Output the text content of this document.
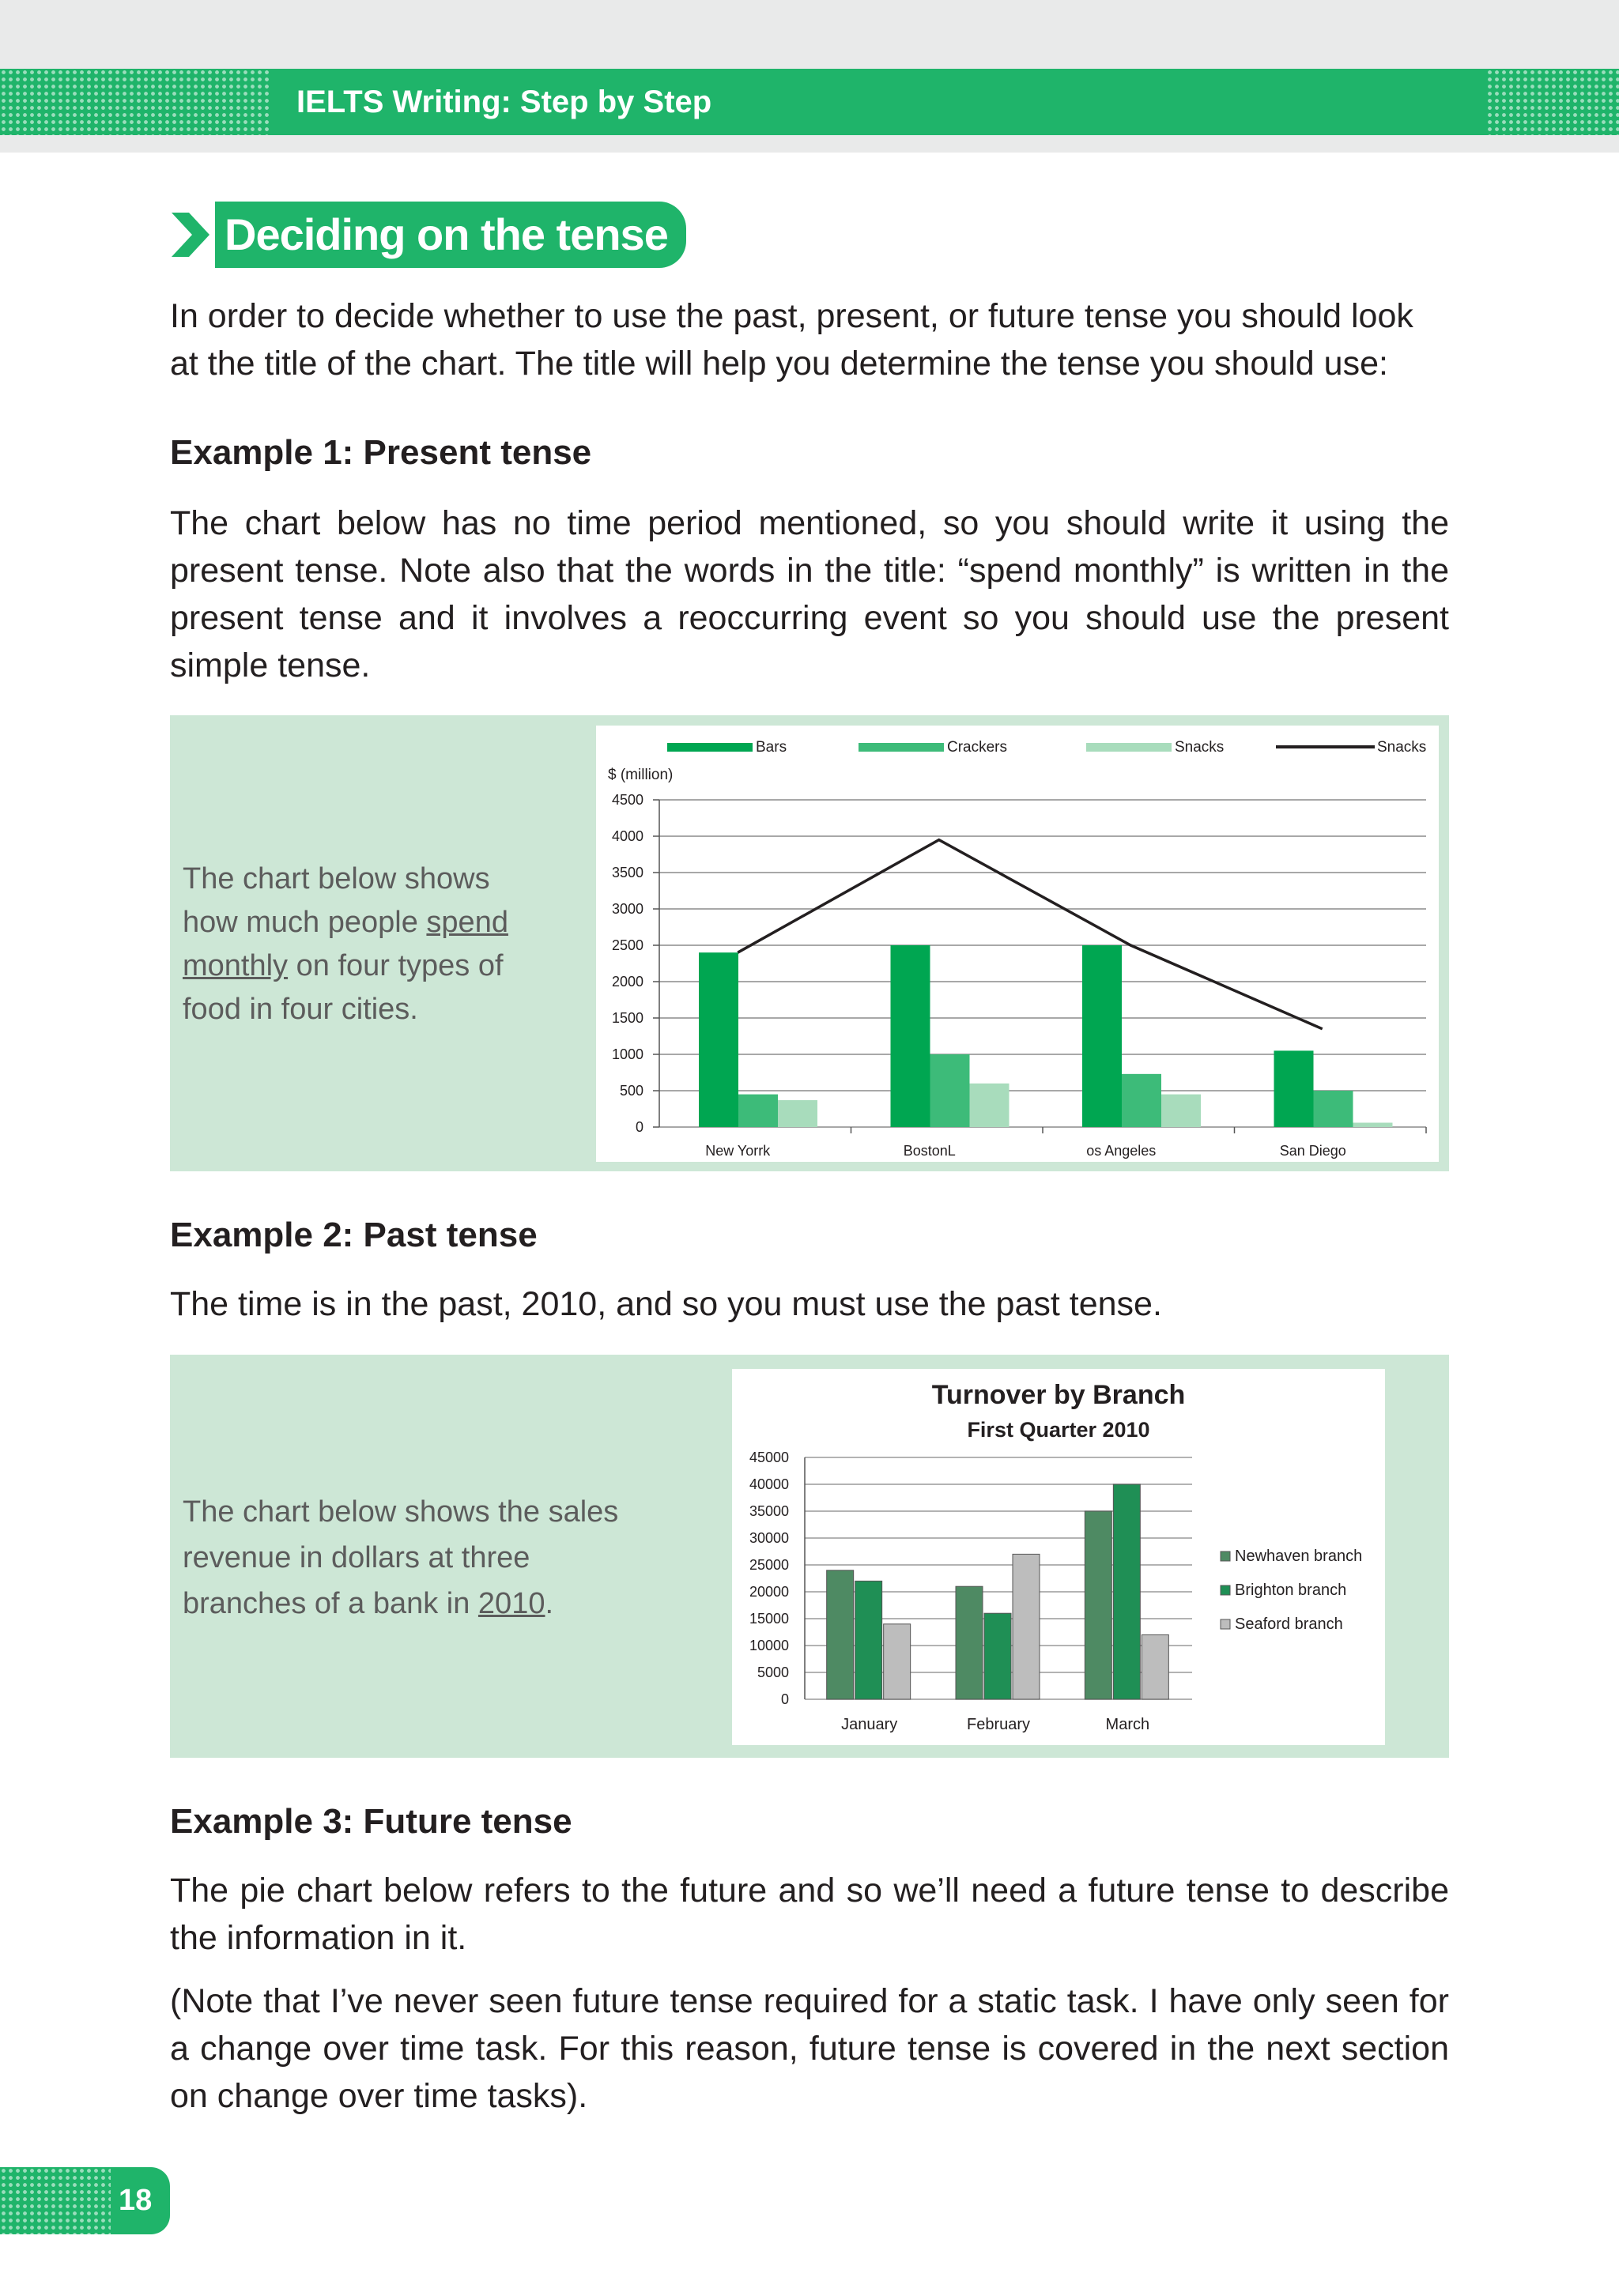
IELTS Writing: Step by Step
Deciding on the tense

In order to decide whether to use the past, present, or future tense you should look at the title of the chart. The title will help you determine the tense you should use:

Example 1: Present tense

The chart below has no time period mentioned, so you should write it using the present tense. Note also that the words in the title: “spend monthly” is written in the present tense and it involves a reoccurring event so you should use the present simple tense.

The chart below shows how much people spend monthly on four types of food in four cities.

$ (million)
0
500
1000
1500
2000
2500
3000
3500
4000
4500
New Yorrk	BostonL	os Angeles	San Diego
Bars	Crackers	Snacks	Snacks

Example 2: Past tense

The time is in the past, 2010, and so you must use the past tense.

The chart below shows the sales revenue in dollars at three branches of a bank in 2010.

Turnover by Branch
First Quarter 2010
0
5000
10000
15000
20000
25000
30000
35000
40000
45000
January	February	March
Newhaven branch
Brighton branch
Seaford branch

Example 3: Future tense

The pie chart below refers to the future and so we’ll need a future tense to describe the information in it.

(Note that I’ve never seen future tense required for a static task. I have only seen for a change over time task. For this reason, future tense is covered in the next section on change over time tasks).

18
